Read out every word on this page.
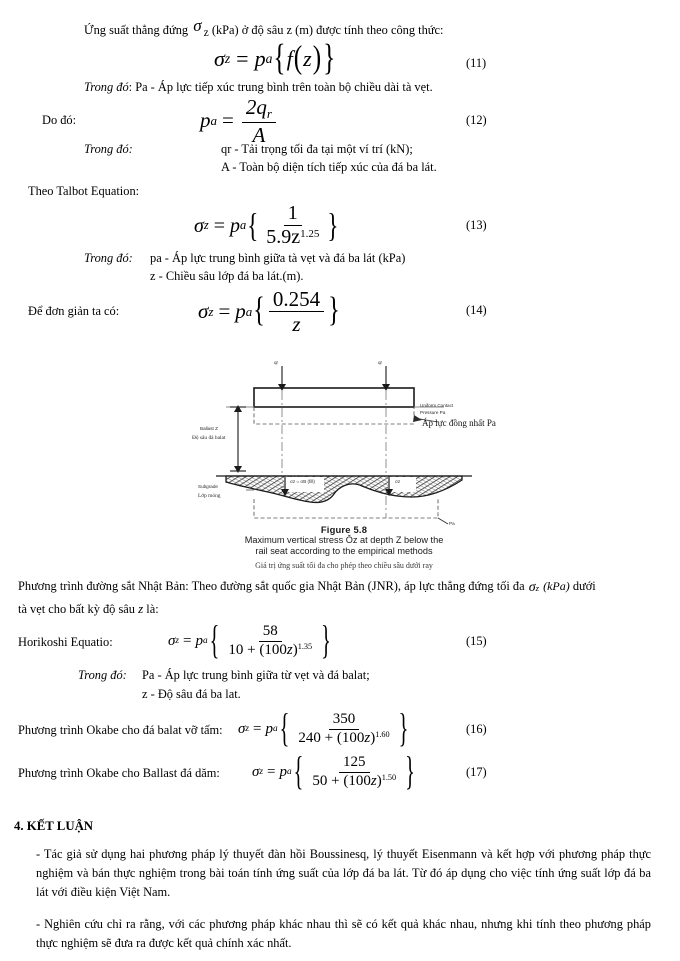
Ứng suất thẳng đứng σ z (kPa) ở độ sâu z (m) được tính theo công thức:
σ z = p a { f ( z ) }	(11)
Trong đó: Pa - Áp lực tiếp xúc trung bình trên toàn bộ chiều dài tà vẹt.
Do đó:	p $a = \frac{2qr}{A}$	(12)
Trong đó:	qr - Tải trọng tối đa tại một ví trí (kN);
A - Toàn bộ diện tích tiếp xúc của đá ba lát.
Theo Talbot Equation:
σ z = p a { $\frac{1}{5.9z1.25}$ }	(13)
Trong đó: pa - Áp lực trung bình giữa tà vẹt và đá ba lát (kPa)
z - Chiều sâu lớp đá ba lát.(m).
Để đơn giản ta có:	σ z = p a { $\frac{0.254}{z}$ }	(14)
qr	qr
Ballast Z
Độ sâu đá balat
Subgrade
Lớp móng
Uniform Contact
Pressure Pa
Áp lực đồng nhất Pa
σz = σB (fill)	σz
Pa
Figure 5.8
Maximum vertical stress Ǒz at depth Z below the
rail seat according to the empirical methods
Giá trị ứng suất tối đa cho phép theo chiều sâu dưới ray
Phương trình đường sắt Nhật Bản: Theo đường sắt quốc gia Nhật Bản (JNR), áp lực thẳng đứng tối đa σ z (kPa) dưới
tà vẹt cho bất kỳ độ sâu z là:
Horikoshi Equatio:	σ z = p a { $\frac{58}{10 + (100z)1.35}$ }	(15)
Trong đó: Pa - Áp lực trung bình giữa từ vẹt và đá balat;
z - Độ sâu đá ba lat.
Phương trình Okabe cho đá balat vỡ tấm: σ z = p a { $\frac{350}{240 + (100z)1.60}$ }	(16)
Phương trình Okabe cho Ballast đá dăm: σ z = p a { $\frac{125}{50 + (100z)1.50}$ }	(17)
4. KẾT LUẬN
- Tác giả sử dụng hai phương pháp lý thuyết đàn hồi Boussinesq, lý thuyết Eisenmann và kết hợp với phương pháp thực nghiệm và bán thực nghiệm trong bài toán tính ứng suất của lớp đá ba lát. Từ đó áp dụng cho việc tính ứng suất lớp đá ba lát với điều kiện Việt Nam.
- Nghiên cứu chỉ ra rằng, với các phương pháp khác nhau thì sẽ có kết quả khác nhau, nhưng khi tính theo phương pháp thực nghiệm sẽ đưa ra được kết quả chính xác nhất.
